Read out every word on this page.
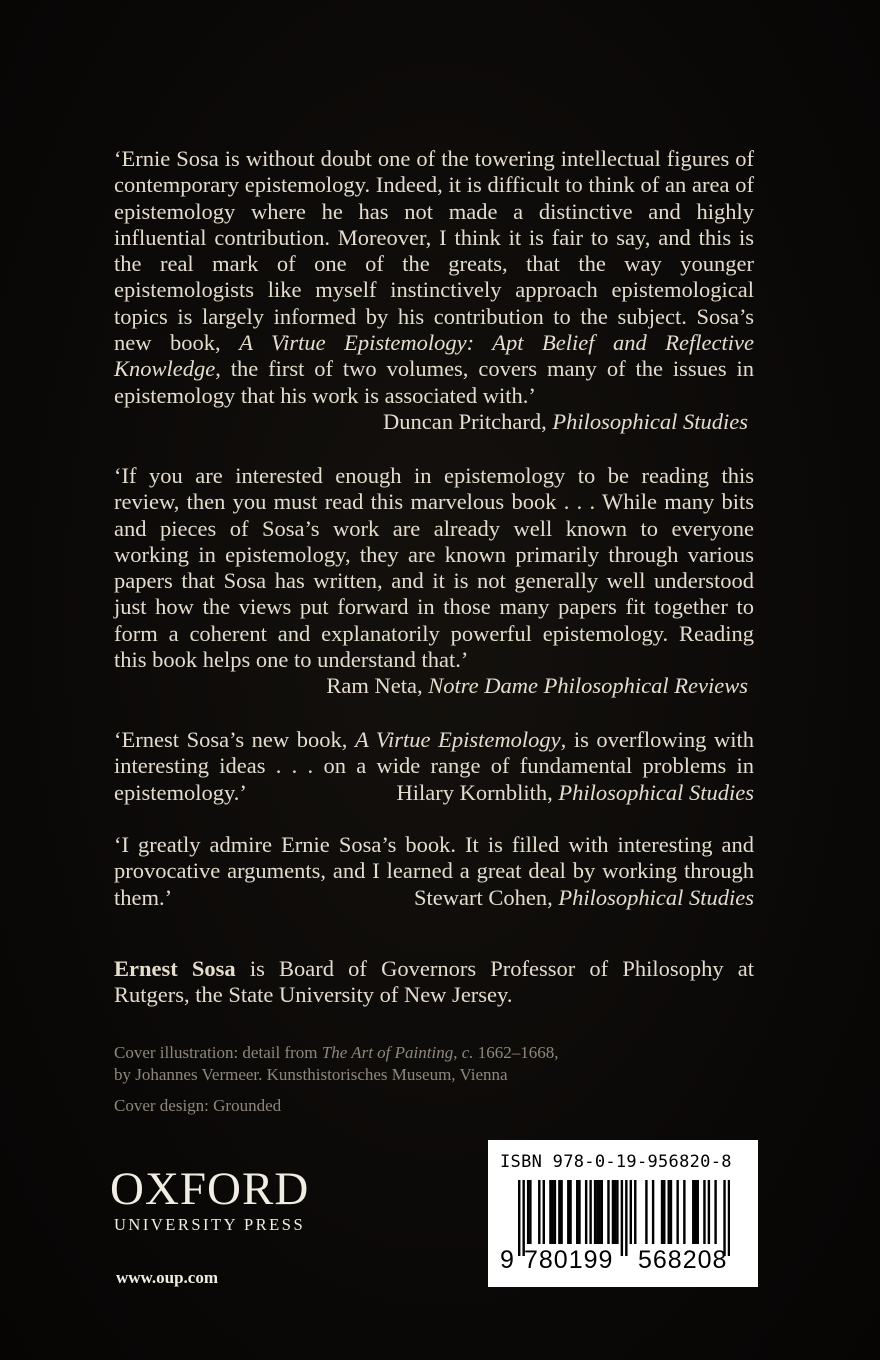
‘Ernie Sosa is without doubt one of the towering intellectual figures of contemporary epistemology. Indeed, it is difficult to think of an area of epistemology where he has not made a distinctive and highly influential contribution. Moreover, I think it is fair to say, and this is the real mark of one of the greats, that the way younger epistemologists like myself instinctively approach epistemological topics is largely informed by his contribution to the subject. Sosa’s new book, A Virtue Epistemology: Apt Belief and Reflective Knowledge, the first of two volumes, covers many of the issues in epistemology that his work is associated with.’
Duncan Pritchard, Philosophical Studies
‘If you are interested enough in epistemology to be reading this review, then you must read this marvelous book . . . While many bits and pieces of Sosa’s work are already well known to everyone working in epistemology, they are known primarily through various papers that Sosa has written, and it is not generally well understood just how the views put forward in those many papers fit together to form a coherent and explanatorily powerful epistemology. Reading this book helps one to understand that.’
Ram Neta, Notre Dame Philosophical Reviews
‘Ernest Sosa’s new book, A Virtue Epistemology, is overflowing with interesting ideas . . . on a wide range of fundamental problems in epistemology.’	Hilary Kornblith, Philosophical Studies
‘I greatly admire Ernie Sosa’s book. It is filled with interesting and provocative arguments, and I learned a great deal by working through them.’	Stewart Cohen, Philosophical Studies
Ernest Sosa is Board of Governors Professor of Philosophy at Rutgers, the State University of New Jersey.
Cover illustration: detail from The Art of Painting, c. 1662–1668,
by Johannes Vermeer. Kunsthistorisches Museum, Vienna
Cover design: Grounded
OXFORD
UNIVERSITY PRESS
www.oup.com
ISBN 978-0-19-956820-8
9 780199 568208
